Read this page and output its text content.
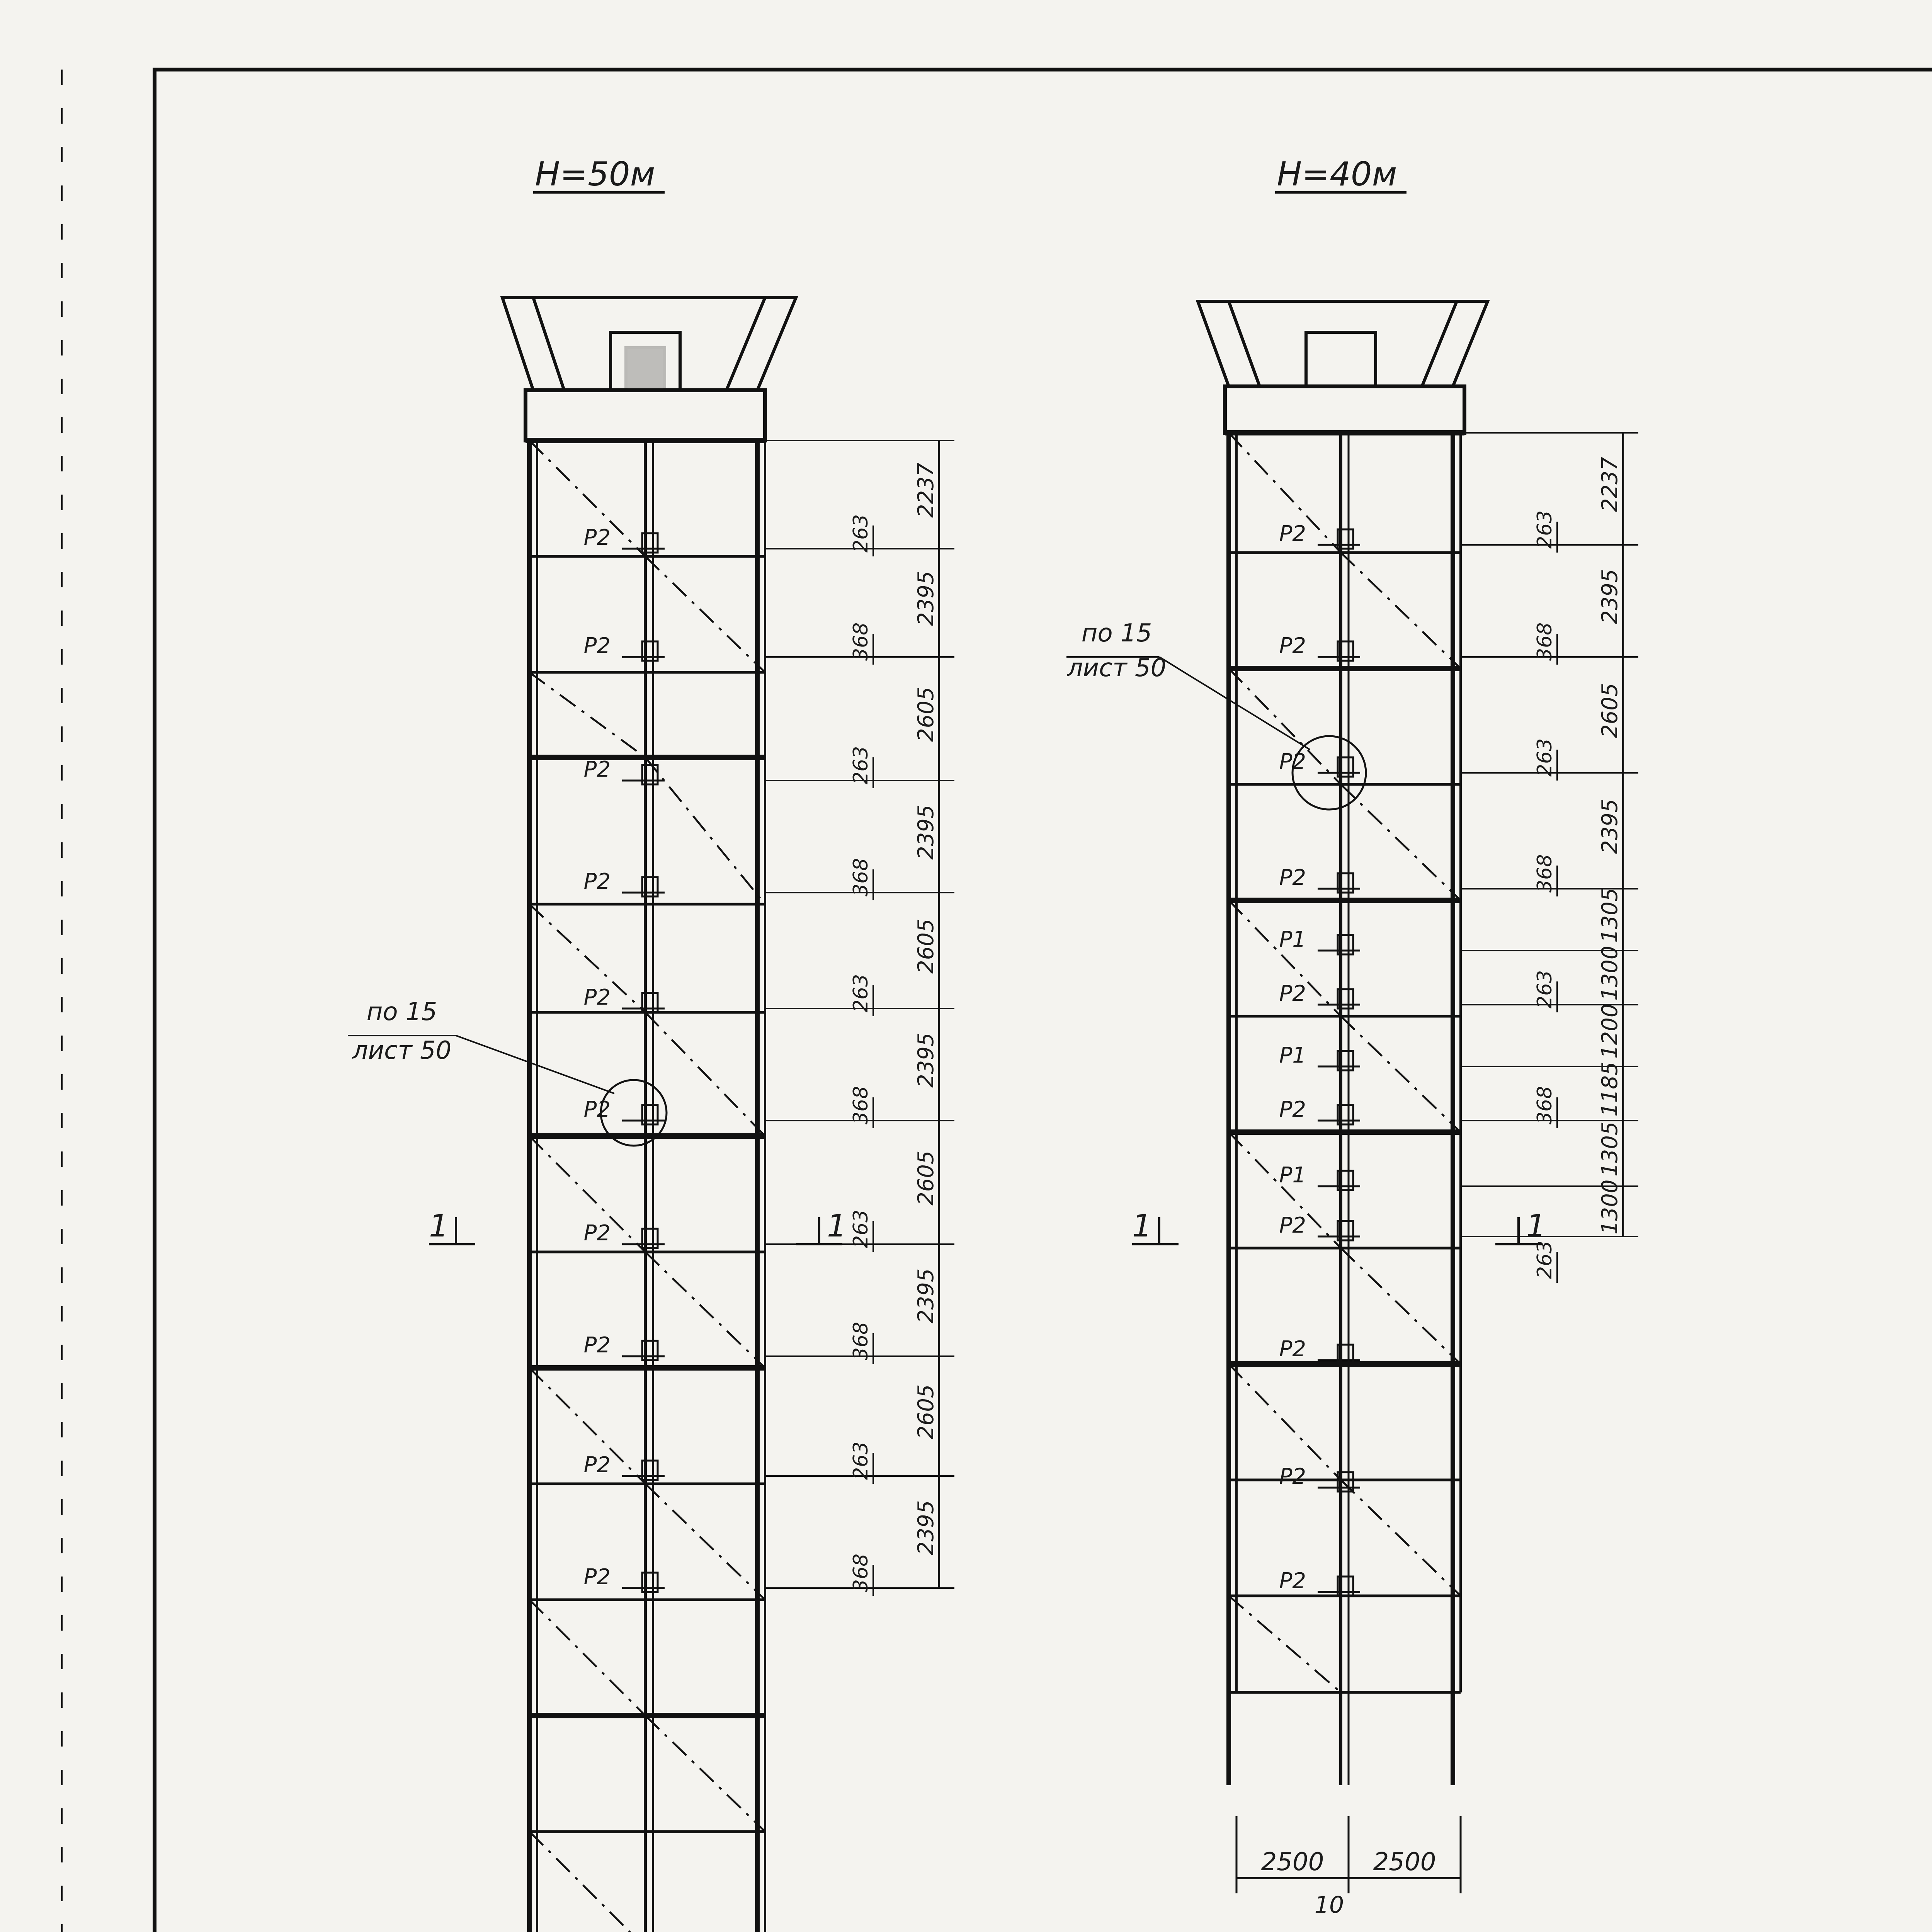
Н=50м
Р2
Р2
Р2
Р2
Р2
Р2
Р2
Р2
Р2
Р2
2237
2395
2605
2395
2605
2395
2605
2395
2605
2395
263
368
263
368
263
368
263
368
263
368
по 15
лист 50
1	1
Н=40м
Р2
Р2
Р2
Р2
Р1
Р2
Р1
Р2
Р1
Р2
Р2
Р2
Р2
2237
2395
2605
2395
1305
1300
1200
1185
1305
1300
263
368
263
368
263
368
263
по 15
лист 50
1	1
2500 2500
10
